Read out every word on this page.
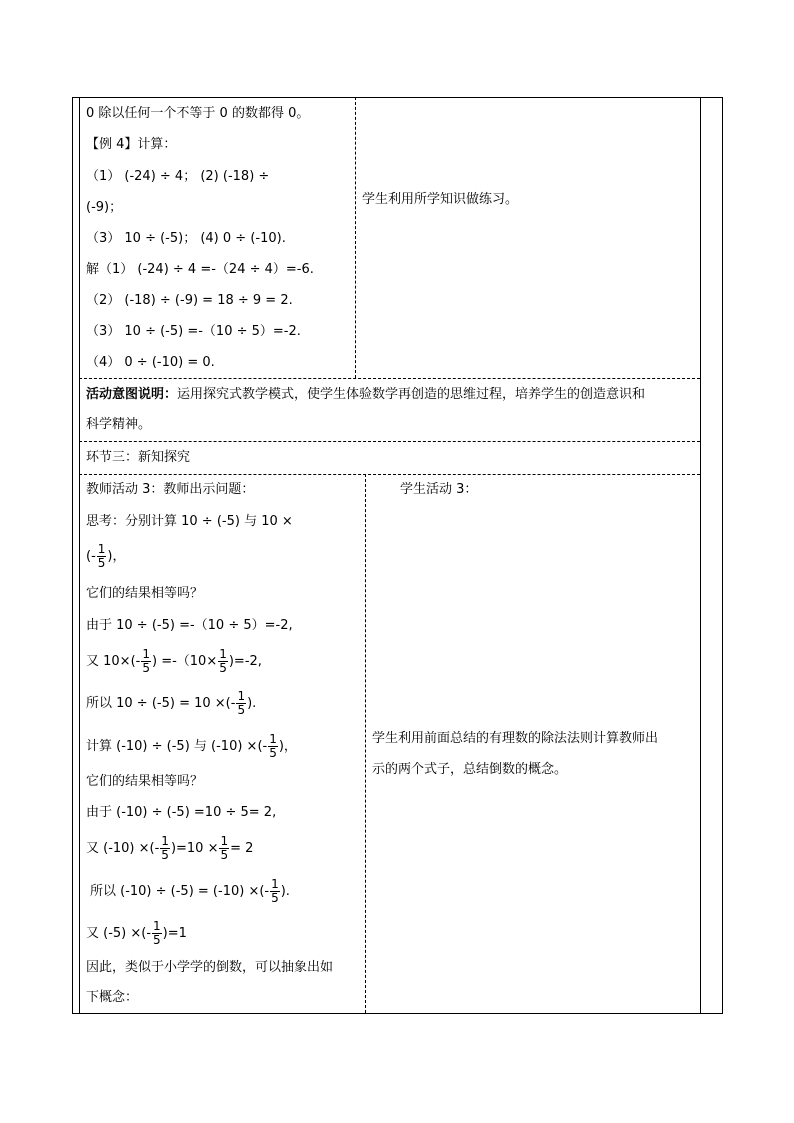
0 除以任何一个不等于 0 的数都得 0。
【例 4】计算：
（1） (-24) ÷ 4； (2) (-18) ÷
(-9)；
（3） 10 ÷ (-5)； (4) 0 ÷ (-10).
解（1） (-24) ÷ 4 =-（24 ÷ 4）=-6.
（2） (-18) ÷ (-9) = 18 ÷ 9 = 2.
（3） 10 ÷ (-5) =-（10 ÷ 5）=-2.
（4） 0 ÷ (-10) = 0.
学生利用所学知识做练习。
活动意图说明：运用探究式教学模式，使学生体验数学再创造的思维过程，培养学生的创造意识和
科学精神。
环节三：新知探究
教师活动 3：教师出示问题：	学生活动 3：
思考：分别计算 10 ÷ (-5) 与 10 ×
(- $\frac{1}{5}$ )，
它们的结果相等吗？
由于 10 ÷ (-5) =-（10 ÷ 5）=-2,
又 $10\times(- \frac{1}{5}$ ) $=-(10\times \frac{1}{5} )=-2$,
所以 10 ÷ (-5) = 10 ×(- $\frac{1}{5}$ ).
计算 (-10) ÷ (-5) 与 (-10) ×(- $\frac{1}{5}$ )，
它们的结果相等吗？
由于 (-10) ÷ (-5) =10 ÷ 5= 2,
又 (-10) ×(- $\frac{1}{5} )=10 \times \frac{1}{5} = 2$
所以 (-10) ÷ (-5) = (-10) ×(- $\frac{1}{5}$ ).
又 (-5) ×(- $\frac{1}{5} )=1$
因此，类似于小学学的倒数，可以抽象出如
下概念：
学生利用前面总结的有理数的除法法则计算教师出
示的两个式子，总结倒数的概念。
